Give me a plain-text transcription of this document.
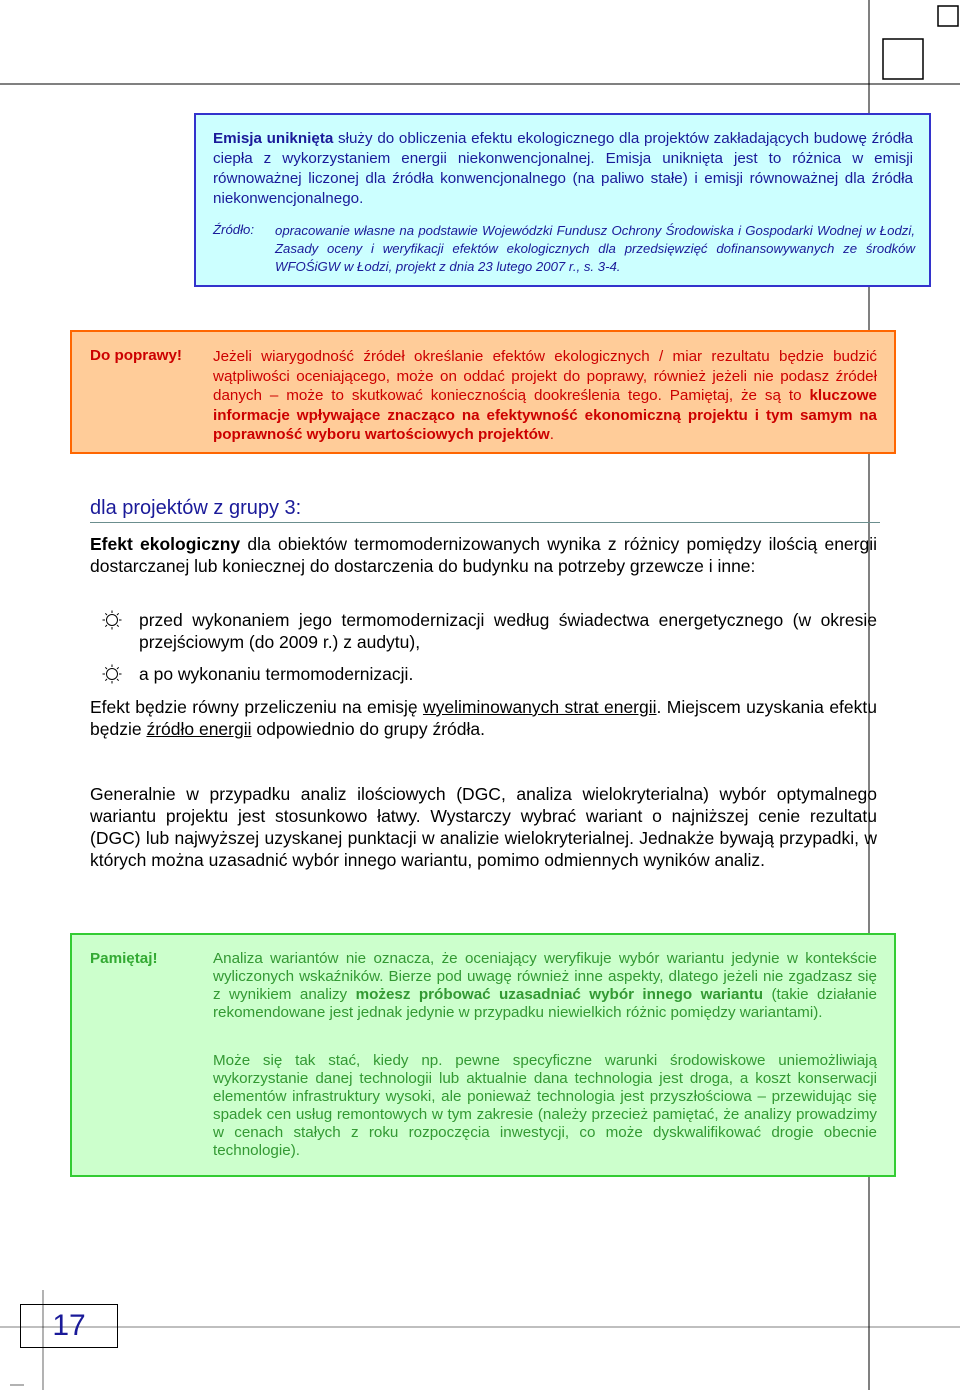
Emisja uniknięta służy do obliczenia efektu ekologicznego dla projektów zakładających budowę źródła ciepła z wykorzystaniem energii niekonwencjonalnej. Emisja uniknięta jest to różnica w emisji równoważnej liczonej dla źródła konwencjonalnego (na paliwo stałe) i emisji równoważnej dla źródła niekonwencjonalnego.
Źródło: opracowanie własne na podstawie Wojewódzki Fundusz Ochrony Środowiska i Gospodarki Wodnej w Łodzi, Zasady oceny i weryfikacji efektów ekologicznych dla przedsięwzięć dofinansowywanych ze środków WFOŚiGW w Łodzi, projekt z dnia 23 lutego 2007 r., s. 3-4.
Do poprawy! Jeżeli wiarygodność źródeł określanie efektów ekologicznych / miar rezultatu będzie budzić wątpliwości oceniającego, może on oddać projekt do poprawy, również jeżeli nie podasz źródeł danych – może to skutkować koniecznością dookreślenia tego. Pamiętaj, że są to kluczowe informacje wpływające znacząco na efektywność ekonomiczną projektu i tym samym na poprawność wyboru wartościowych projektów.
dla projektów z grupy 3:
Efekt ekologiczny dla obiektów termomodernizowanych wynika z różnicy pomiędzy ilością energii dostarczanej lub koniecznej do dostarczenia do budynku na potrzeby grzewcze i inne:
przed wykonaniem jego termomodernizacji według świadectwa energetycznego (w okresie przejściowym (do 2009 r.) z audytu),
a po wykonaniu termomodernizacji.
Efekt będzie równy przeliczeniu na emisję wyeliminowanych strat energii. Miejscem uzyskania efektu będzie źródło energii odpowiednio do grupy źródła.
Generalnie w przypadku analiz ilościowych (DGC, analiza wielokryterialna) wybór optymalnego wariantu projektu jest stosunkowo łatwy. Wystarczy wybrać wariant o najniższej cenie rezultatu (DGC) lub najwyższej uzyskanej punktacji w analizie wielokryterialnej. Jednakże bywają przypadki, w których można uzasadnić wybór innego wariantu, pomimo odmiennych wyników analiz.
Pamiętaj!	Analiza wariantów nie oznacza, że oceniający weryfikuje wybór wariantu jedynie w kontekście wyliczonych wskaźników. Bierze pod uwagę również inne aspekty, dlatego jeżeli nie zgadzasz się z wynikiem analizy możesz próbować uzasadniać wybór innego wariantu (takie działanie rekomendowane jest jednak jedynie w przypadku niewielkich różnic pomiędzy wariantami).
Może się tak stać, kiedy np. pewne specyficzne warunki środowiskowe uniemożliwiają wykorzystanie danej technologii lub aktualnie dana technologia jest droga, a koszt konserwacji elementów infrastruktury wysoki, ale ponieważ technologia jest przyszłościowa – przewidując się spadek cen usług remontowych w tym zakresie (należy przecież pamiętać, że analizy prowadzimy w cenach stałych z roku rozpoczęcia inwestycji, co może dyskwalifikować drogie obecnie technologie).
17
